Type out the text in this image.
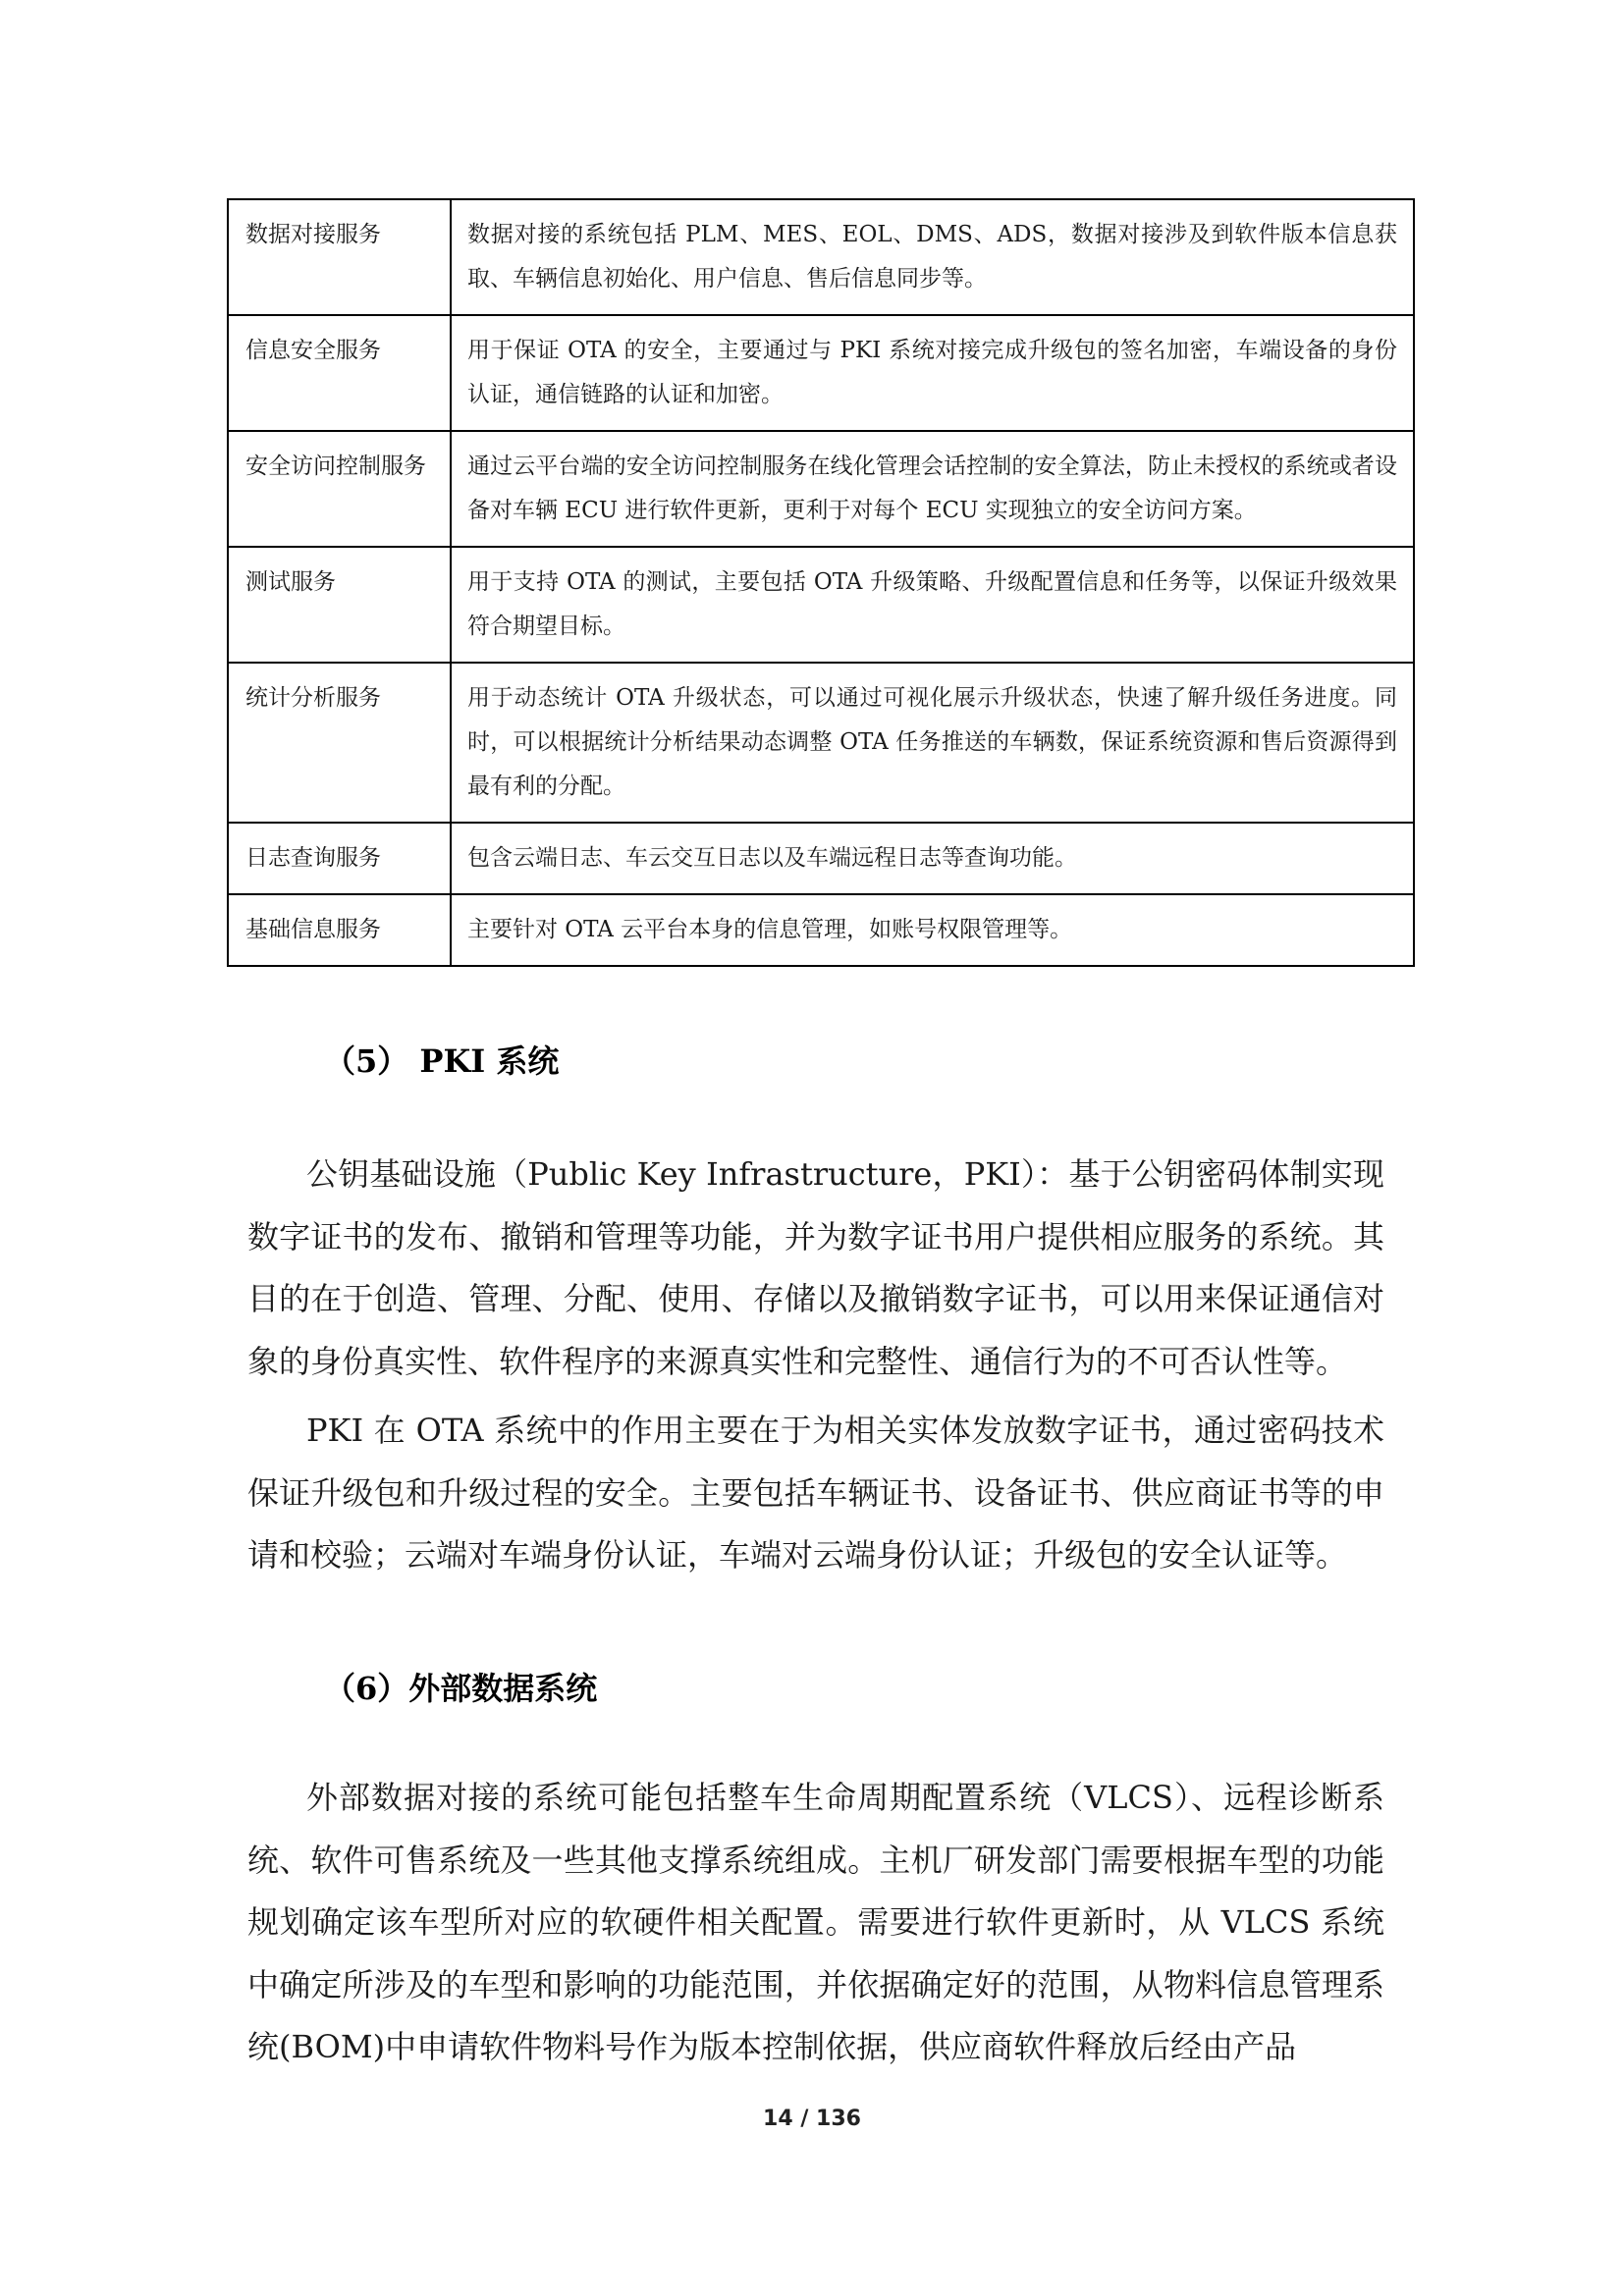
数据对接服务	数据对接的系统包括 PLM、MES、EOL、DMS、ADS，数据对接涉及到软件版本信息获取、车辆信息初始化、用户信息、售后信息同步等。
信息安全服务	用于保证 OTA 的安全，主要通过与 PKI 系统对接完成升级包的签名加密，车端设备的身份认证，通信链路的认证和加密。
安全访问控制服务	通过云平台端的安全访问控制服务在线化管理会话控制的安全算法，防止未授权的系统或者设备对车辆 ECU 进行软件更新，更利于对每个 ECU 实现独立的安全访问方案。
测试服务	用于支持 OTA 的测试，主要包括 OTA 升级策略、升级配置信息和任务等，以保证升级效果符合期望目标。
统计分析服务	用于动态统计 OTA 升级状态，可以通过可视化展示升级状态，快速了解升级任务进度。同时，可以根据统计分析结果动态调整 OTA 任务推送的车辆数，保证系统资源和售后资源得到最有利的分配。
日志查询服务	包含云端日志、车云交互日志以及车端远程日志等查询功能。
基础信息服务	主要针对 OTA 云平台本身的信息管理，如账号权限管理等。
（5） PKI 系统

公钥基础设施（Public Key Infrastructure，PKI）：基于公钥密码体制实现数字证书的发布、撤销和管理等功能，并为数字证书用户提供相应服务的系统。其目的在于创造、管理、分配、使用、存储以及撤销数字证书，可以用来保证通信对象的身份真实性、软件程序的来源真实性和完整性、通信行为的不可否认性等。

PKI 在 OTA 系统中的作用主要在于为相关实体发放数字证书，通过密码技术保证升级包和升级过程的安全。主要包括车辆证书、设备证书、供应商证书等的申请和校验；云端对车端身份认证，车端对云端身份认证；升级包的安全认证等。

（6）外部数据系统

外部数据对接的系统可能包括整车生命周期配置系统（VLCS）、远程诊断系统、软件可售系统及一些其他支撑系统组成。主机厂研发部门需要根据车型的功能规划确定该车型所对应的软硬件相关配置。需要进行软件更新时，从 VLCS 系统中确定所涉及的车型和影响的功能范围，并依据确定好的范围，从物料信息管理系统(BOM)中申请软件物料号作为版本控制依据，供应商软件释放后经由产品

14 / 136
